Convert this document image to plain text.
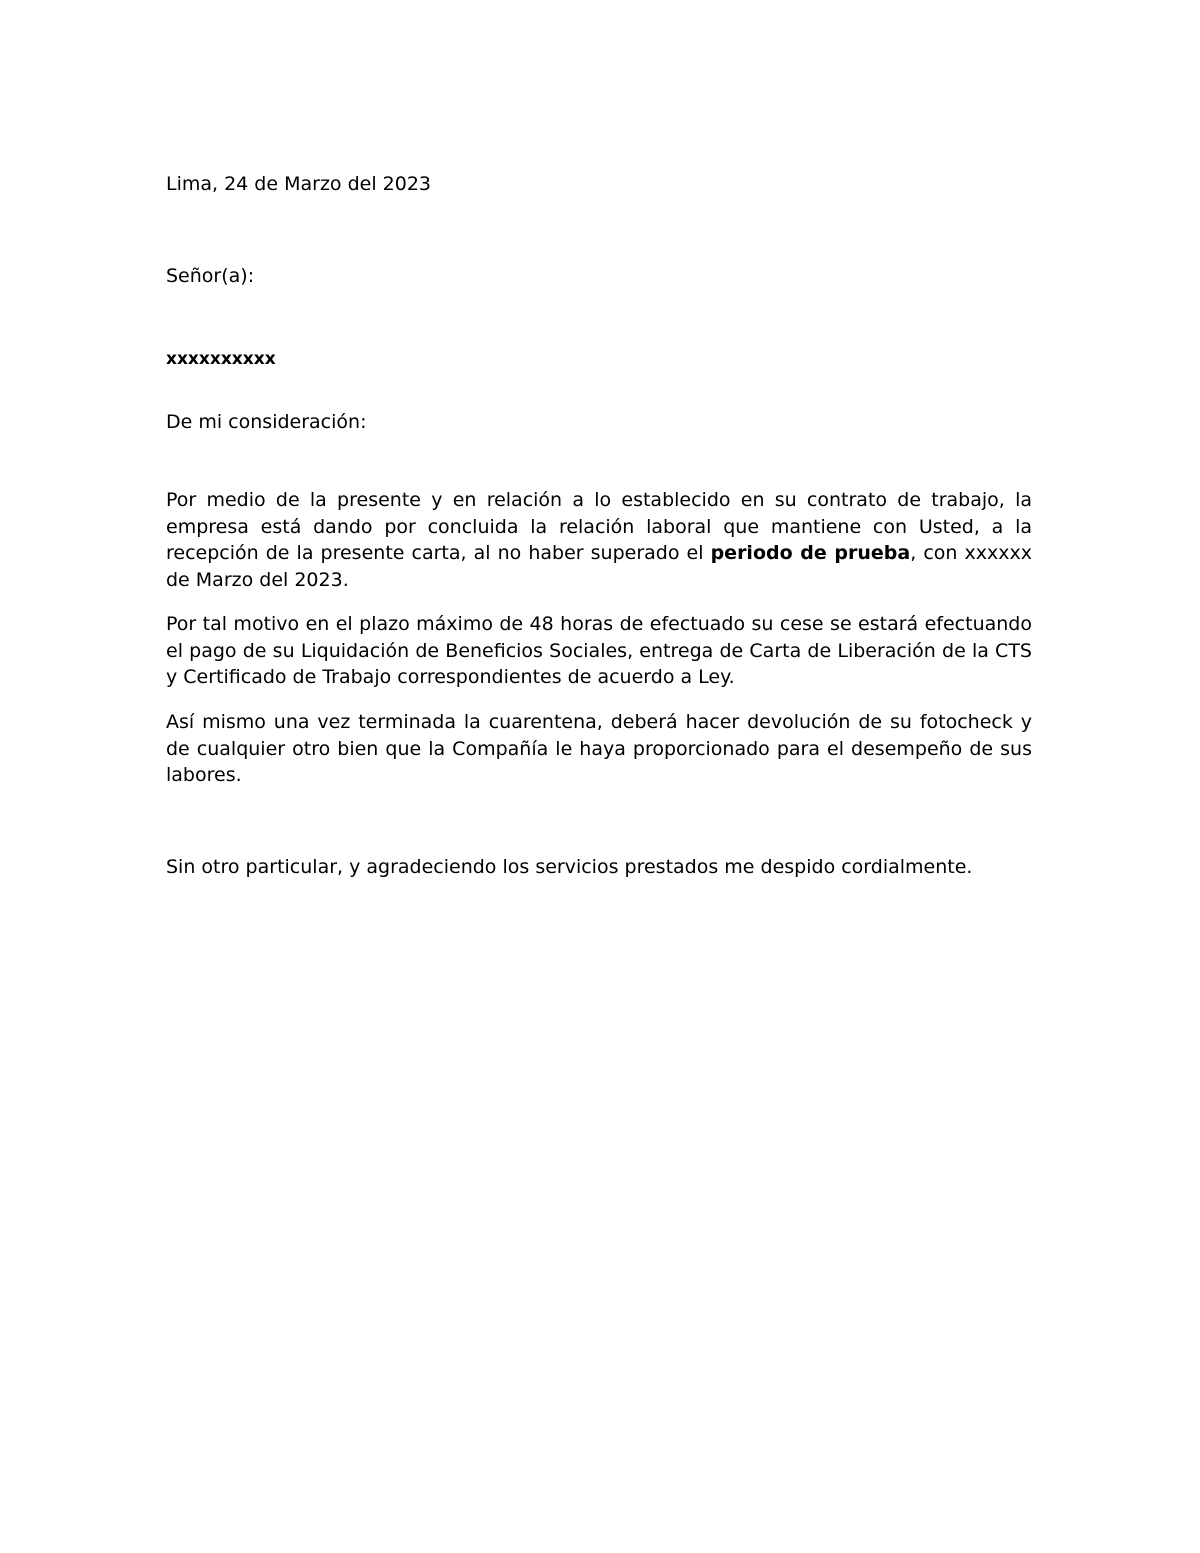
Lima, 24 de Marzo del 2023
Señor(a):
xxxxxxxxxx
De mi consideración:
Por medio de la presente y en relación a lo establecido en su contrato de trabajo, la empresa está dando por concluida la relación laboral que mantiene con Usted, a la recepción de la presente carta, al no haber superado el periodo de prueba, con xxxxxx de Marzo del 2023.
Por tal motivo en el plazo máximo de 48 horas de efectuado su cese se estará efectuando el pago de su Liquidación de Beneficios Sociales, entrega de Carta de Liberación de la CTS y Certificado de Trabajo correspondientes de acuerdo a Ley.
Así mismo una vez terminada la cuarentena, deberá hacer devolución de su fotocheck y de cualquier otro bien que la Compañía le haya proporcionado para el desempeño de sus labores.
Sin otro particular, y agradeciendo los servicios prestados me despido cordialmente.
